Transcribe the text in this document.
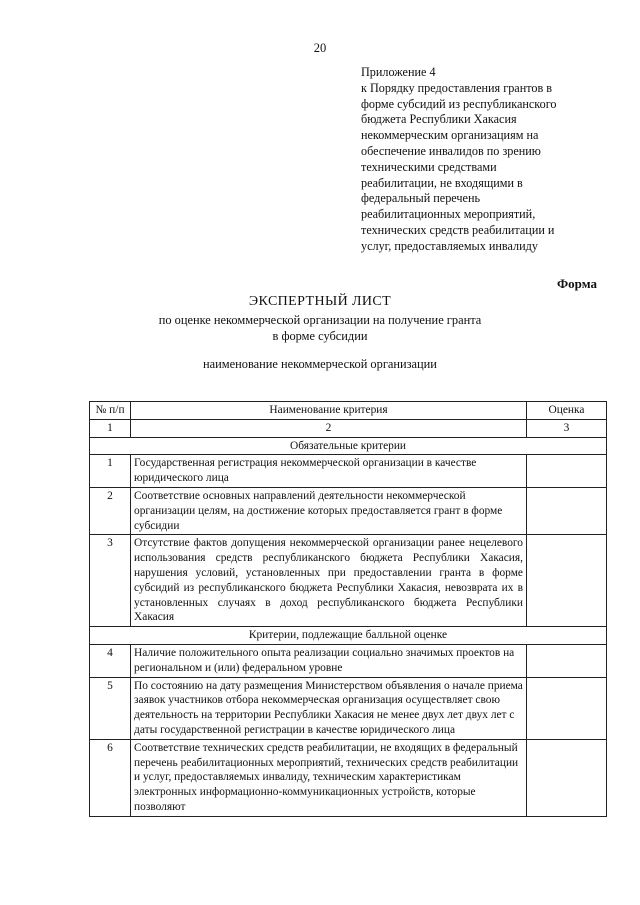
20
Приложение 4
к Порядку предоставления грантов в
форме субсидий из республиканского
бюджета Республики Хакасия
некоммерческим организациям на
обеспечение инвалидов по зрению
техническими средствами
реабилитации, не входящими в
федеральный перечень
реабилитационных мероприятий,
технических средств реабилитации и
услуг, предоставляемых инвалиду
Форма
ЭКСПЕРТНЫЙ ЛИСТ
по оценке некоммерческой организации на получение гранта
в форме субсидии
наименование некоммерческой организации
№ п/п	Наименование критерия	Оценка
1	2	3
Обязательные критерии		
1	Государственная регистрация некоммерческой организации в качестве юридического лица	
2	Соответствие основных направлений деятельности некоммерческой организации целям, на достижение которых предоставляется грант в форме субсидии	
3	Отсутствие фактов допущения некоммерческой организации ранее нецелевого использования средств республиканского бюджета Республики Хакасия, нарушения условий, установленных при предоставлении гранта в форме субсидий из республиканского бюджета Республики Хакасия, невозврата их в установленных случаях в доход республиканского бюджета Республики Хакасия	
Критерии, подлежащие балльной оценке		
4	Наличие положительного опыта реализации социально значимых проектов на региональном и (или) федеральном уровне	
5	По состоянию на дату размещения Министерством объявления о начале приема заявок участников отбора некоммерческая организация осуществляет свою деятельность на территории Республики Хакасия не менее двух лет двух лет с даты государственной регистрации в качестве юридического лица	
6	Соответствие технических средств реабилитации, не входящих в федеральный перечень реабилитационных мероприятий, технических средств реабилитации и услуг, предоставляемых инвалиду, техническим характеристикам электронных информационно-коммуникационных устройств, которые позволяют	
